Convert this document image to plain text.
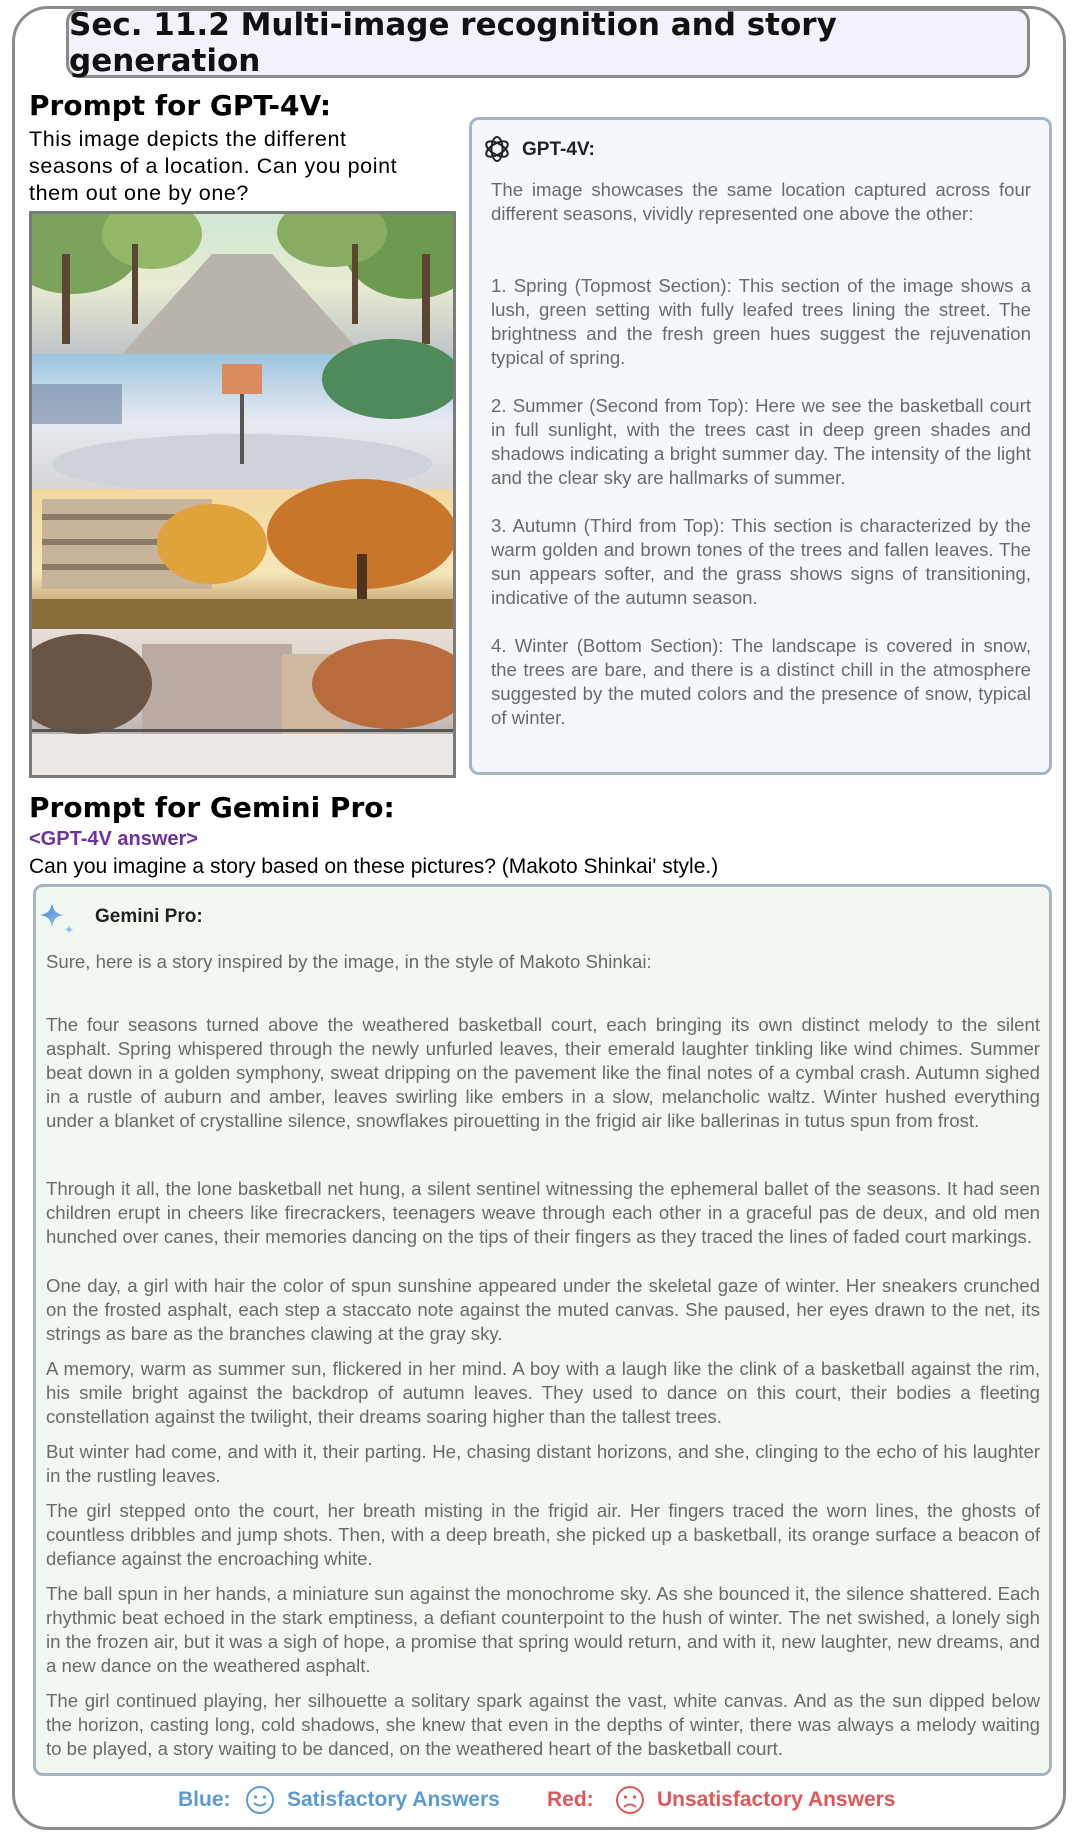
Sec. 11.2 Multi-image recognition and story generation
Prompt for GPT-4V:
This image depicts the different
seasons of a location. Can you point
them out one by one?
GPT-4V:

The image showcases the same location captured across four different seasons, vividly represented one above the other:

1. Spring (Topmost Section): This section of the image shows a lush, green setting with fully leafed trees lining the street. The brightness and the fresh green hues suggest the rejuvenation typical of spring.

2. Summer (Second from Top): Here we see the basketball court in full sunlight, with the trees cast in deep green shades and shadows indicating a bright summer day. The intensity of the light and the clear sky are hallmarks of summer.

3. Autumn (Third from Top): This section is characterized by the warm golden and brown tones of the trees and fallen leaves. The sun appears softer, and the grass shows signs of transitioning, indicative of the autumn season.

4. Winter (Bottom Section): The landscape is covered in snow, the trees are bare, and there is a distinct chill in the atmosphere suggested by the muted colors and the presence of snow, typical of winter.

Prompt for Gemini Pro:
<GPT-4V answer>
Can you imagine a story based on these pictures? (Makoto Shinkai' style.)
Gemini Pro:

Sure, here is a story inspired by the image, in the style of Makoto Shinkai:

The four seasons turned above the weathered basketball court, each bringing its own distinct melody to the silent asphalt. Spring whispered through the newly unfurled leaves, their emerald laughter tinkling like wind chimes. Summer beat down in a golden symphony, sweat dripping on the pavement like the final notes of a cymbal crash. Autumn sighed in a rustle of auburn and amber, leaves swirling like embers in a slow, melancholic waltz. Winter hushed everything under a blanket of crystalline silence, snowflakes pirouetting in the frigid air like ballerinas in tutus spun from frost.

Through it all, the lone basketball net hung, a silent sentinel witnessing the ephemeral ballet of the seasons. It had seen children erupt in cheers like firecrackers, teenagers weave through each other in a graceful pas de deux, and old men hunched over canes, their memories dancing on the tips of their fingers as they traced the lines of faded court markings.

One day, a girl with hair the color of spun sunshine appeared under the skeletal gaze of winter. Her sneakers crunched on the frosted asphalt, each step a staccato note against the muted canvas. She paused, her eyes drawn to the net, its strings as bare as the branches clawing at the gray sky.

A memory, warm as summer sun, flickered in her mind. A boy with a laugh like the clink of a basketball against the rim, his smile bright against the backdrop of autumn leaves. They used to dance on this court, their bodies a fleeting constellation against the twilight, their dreams soaring higher than the tallest trees.

But winter had come, and with it, their parting. He, chasing distant horizons, and she, clinging to the echo of his laughter in the rustling leaves.

The girl stepped onto the court, her breath misting in the frigid air. Her fingers traced the worn lines, the ghosts of countless dribbles and jump shots. Then, with a deep breath, she picked up a basketball, its orange surface a beacon of defiance against the encroaching white.

The ball spun in her hands, a miniature sun against the monochrome sky. As she bounced it, the silence shattered. Each rhythmic beat echoed in the stark emptiness, a defiant counterpoint to the hush of winter. The net swished, a lonely sigh in the frozen air, but it was a sigh of hope, a promise that spring would return, and with it, new laughter, new dreams, and a new dance on the weathered asphalt.

The girl continued playing, her silhouette a solitary spark against the vast, white canvas. And as the sun dipped below the horizon, casting long, cold shadows, she knew that even in the depths of winter, there was always a melody waiting to be played, a story waiting to be danced, on the weathered heart of the basketball court.

Blue:	Satisfactory Answers Red:	Unsatisfactory Answers
